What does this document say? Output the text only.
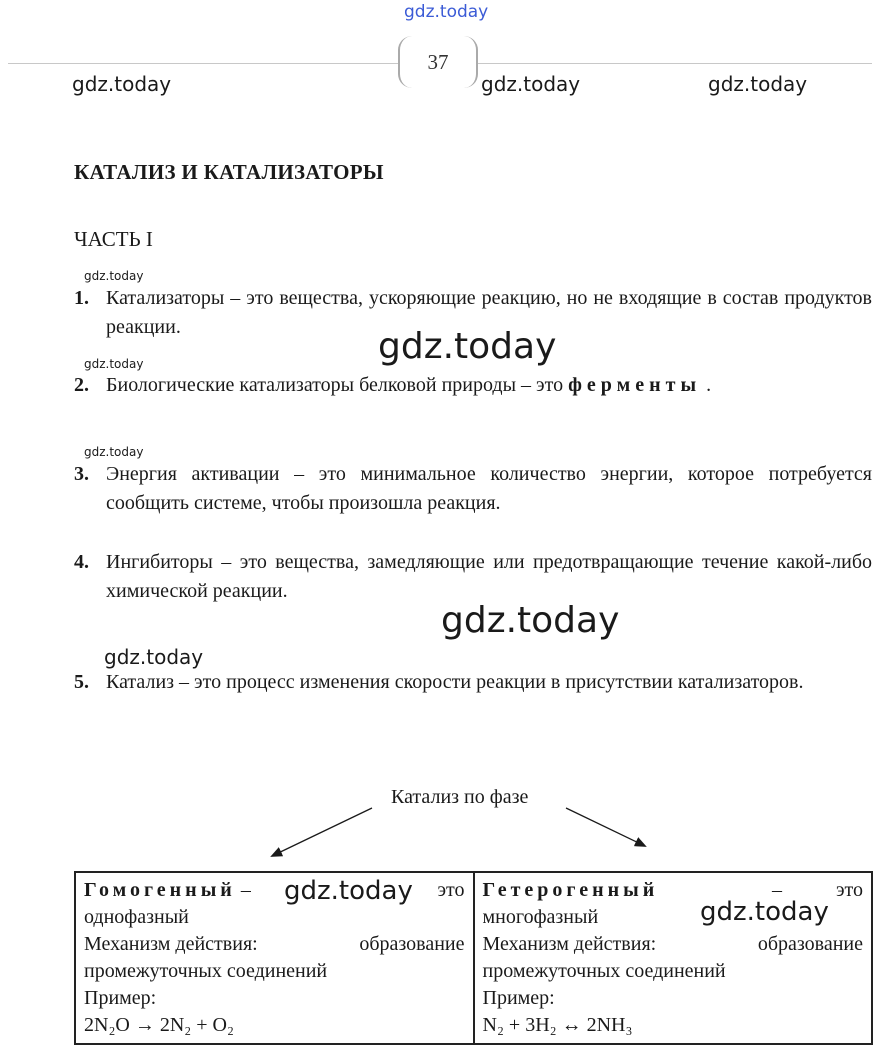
gdz.today
37
gdz.today	gdz.today	gdz.today
КАТАЛИЗ И КАТАЛИЗАТОРЫ
ЧАСТЬ I
gdz.today
1. Катализаторы – это вещества, ускоряющие реакцию, но не входящие в состав продуктов реакции.	gdz.today
gdz.today
2. Биологические катализаторы белковой природы – это ферменты .
gdz.today
3. Энергия активации – это минимальное количество энергии, которое потребуется сообщить системе, чтобы произошла реакция.
4. Ингибиторы – это вещества, замедляющие или предотвращающие течение какой-либо химической реакции.
gdz.today
gdz.today
5. Катализ – это процесс изменения скорости реакции в присутствии катализаторов.
Катализ по фазе
Гомогенный –	это
однофазный
Механизм действия:	образование
промежуточных соединений
Пример:
2N₂O → 2N₂ + O₂

Гетерогенный	–	это
многофазный
Механизм действия:	образование
промежуточных соединений
Пример:
N₂ + 3H₂ ↔ 2NH₃
gdz.today
gdz.today
